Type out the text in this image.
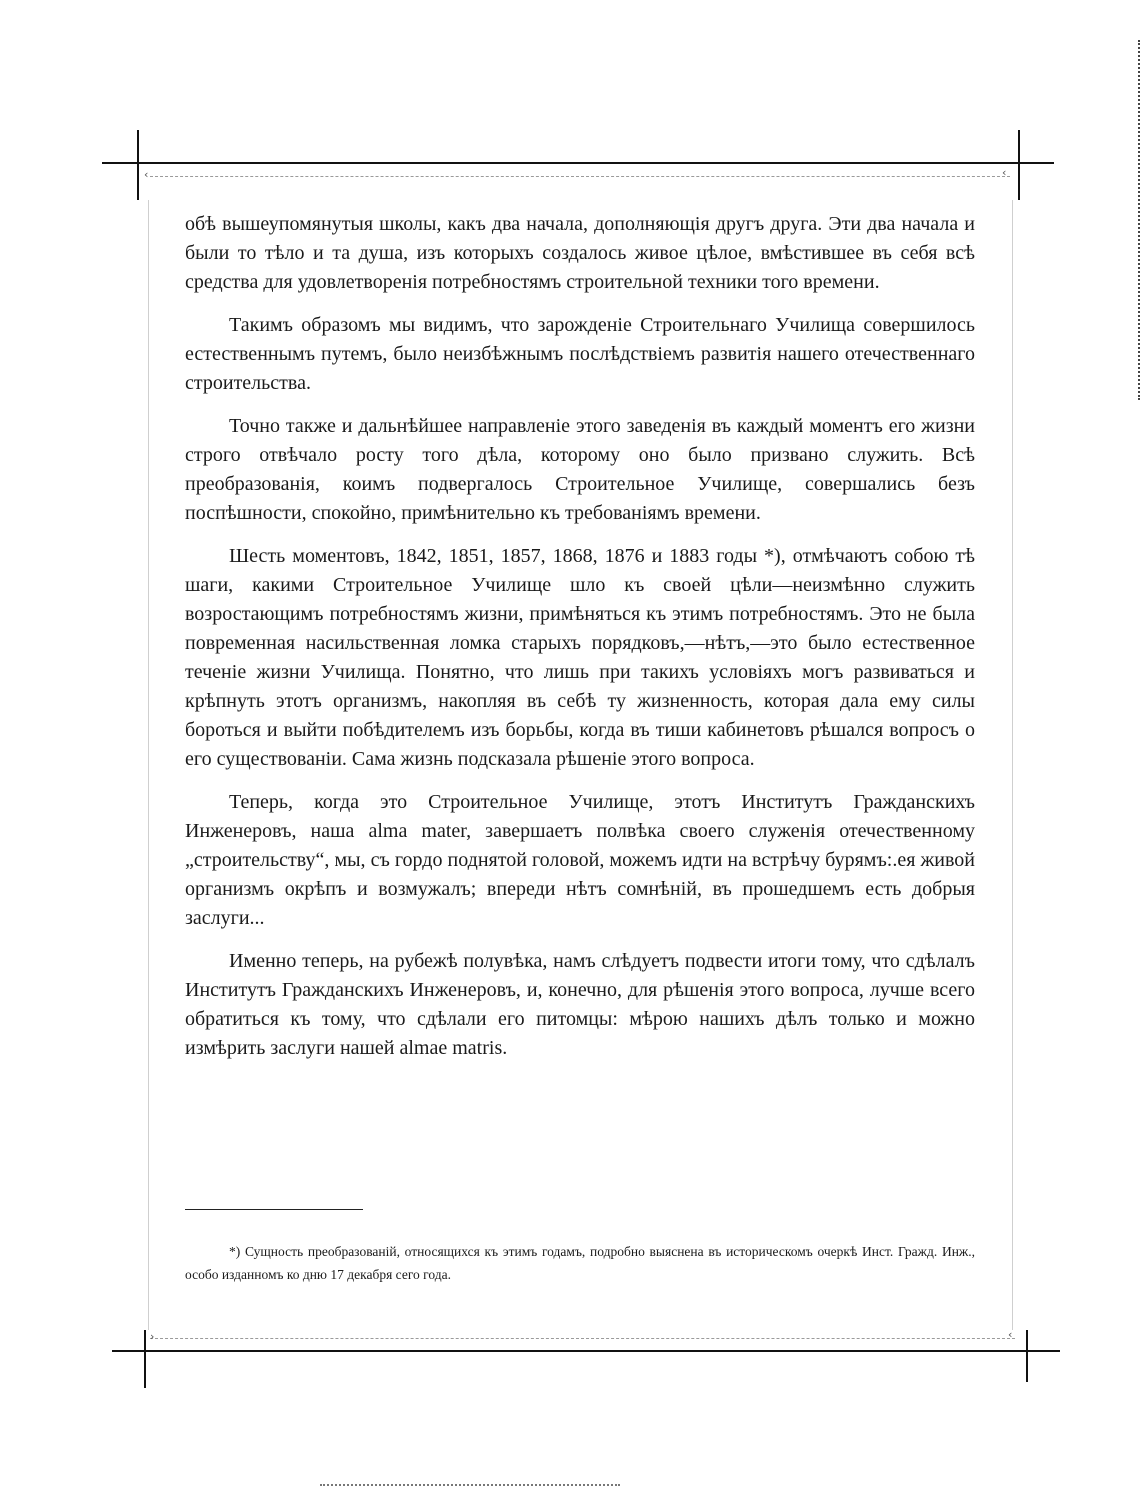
‹	‹
›	‹

обѣ вышеупомянутыя школы, какъ два начала, дополняющія другъ друга. Эти два начала и были то тѣло и та душа, изъ которыхъ создалось живое цѣлое, вмѣстившее въ себя всѣ средства для удовлетворенія потребностямъ строительной техники того времени.

Такимъ образомъ мы видимъ, что зарожденіе Строительнаго Училища совершилось естественнымъ путемъ, было неизбѣжнымъ послѣдствіемъ развитія нашего отечественнаго строительства.

Точно также и дальнѣйшее направленіе этого заведенія въ каждый моментъ его жизни строго отвѣчало росту того дѣла, которому оно было призвано служить. Всѣ преобразованія, коимъ подвергалось Строительное Училище, совершались безъ поспѣшности, спокойно, примѣнительно къ требованіямъ времени.

Шесть моментовъ, 1842, 1851, 1857, 1868, 1876 и 1883 годы *), отмѣчаютъ собою тѣ шаги, какими Строительное Училище шло къ своей цѣли—неизмѣнно служить возростающимъ потребностямъ жизни, примѣняться къ этимъ потребностямъ. Это не была повременная насильственная ломка старыхъ порядковъ,—нѣтъ,—это было естественное теченіе жизни Училища. Понятно, что лишь при такихъ условіяхъ могъ развиваться и крѣпнуть этотъ организмъ, накопляя въ себѣ ту жизненность, которая дала ему силы бороться и выйти побѣдителемъ изъ борьбы, когда въ тиши кабинетовъ рѣшался вопросъ о его существованіи. Сама жизнь подсказала рѣшеніе этого вопроса.

Теперь, когда это Строительное Училище, этотъ Институтъ Гражданскихъ Инженеровъ, наша alma mater, завершаетъ полвѣка своего служенія отечественному „строительству“, мы, съ гордо поднятой головой, можемъ идти на встрѣчу бурямъ:.ея живой организмъ окрѣпъ и возмужалъ; впереди нѣтъ сомнѣній, въ прошедшемъ есть добрыя заслуги...

Именно теперь, на рубежѣ полувѣка, намъ слѣдуетъ подвести итоги тому, что сдѣлалъ Институтъ Гражданскихъ Инженеровъ, и, конечно, для рѣшенія этого вопроса, лучше всего обратиться къ тому, что сдѣлали его питомцы: мѣрою нашихъ дѣлъ только и можно измѣрить заслуги нашей almae matris.

*) Сущность преобразованій, относящихся къ этимъ годамъ, подробно выяснена въ историческомъ очеркѣ Инст. Гражд. Инж., особо изданномъ ко дню 17 декабря сего года.
